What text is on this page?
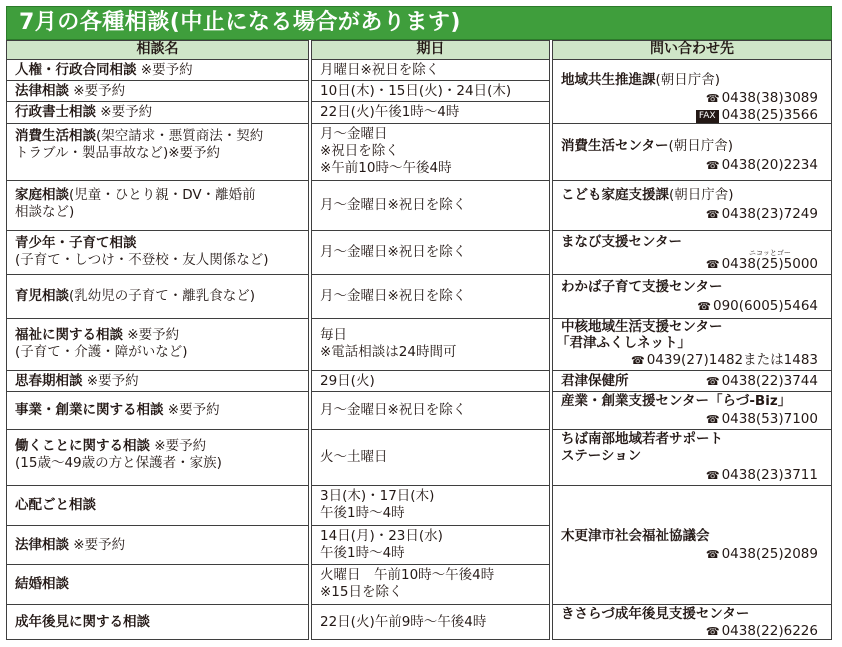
7月の各種相談(中止になる場合があります)
相談名
人権・行政合同相談 ※要予約
法律相談 ※要予約
行政書士相談 ※要予約
消費生活相談(架空請求・悪質商法・契約
トラブル・製品事故など)※要予約
家庭相談(児童・ひとり親・DV・離婚前
相談など)
青少年・子育て相談
(子育て・しつけ・不登校・友人関係など)
育児相談(乳幼児の子育て・離乳食など)
福祉に関する相談 ※要予約
(子育て・介護・障がいなど)
思春期相談 ※要予約
事業・創業に関する相談 ※要予約
働くことに関する相談 ※要予約
(15歳～49歳の方と保護者・家族)
心配ごと相談
法律相談 ※要予約
結婚相談
成年後見に関する相談
期日
月曜日※祝日を除く
10日(木)・15日(火)・24日(木)
22日(火)午後1時～4時
月～金曜日
※祝日を除く
※午前10時～午後4時
月～金曜日※祝日を除く
月～金曜日※祝日を除く
月～金曜日※祝日を除く
毎日
※電話相談は24時間可
29日(火)
月～金曜日※祝日を除く
火～土曜日
3日(木)・17日(木)
午後1時～4時
14日(月)・23日(水)
午後1時～4時
火曜日　午前10時～午後4時
※15日を除く
22日(火)午前9時～午後4時
問い合わせ先
地域共生推進課(朝日庁舎)
☎ 0438(38)3089
FAX 0438(25)3566
消費生活センター(朝日庁舎)
☎ 0438(20)2234
こども家庭支援課(朝日庁舎)
☎ 0438(23)7249
まなび支援センター
ニコッとゴー
☎ 0438(25)5000
わかば子育て支援センター
☎ 090(6005)5464
中核地域生活支援センター
「君津ふくしネット」
☎ 0439(27)1482または1483
君津保健所	☎ 0438(22)3744
産業・創業支援センター「らづ-Biz」
☎ 0438(53)7100
ちば南部地域若者サポート
ステーション
☎ 0438(23)3711
木更津市社会福祉協議会
☎ 0438(25)2089
きさらづ成年後見支援センター
☎ 0438(22)6226
